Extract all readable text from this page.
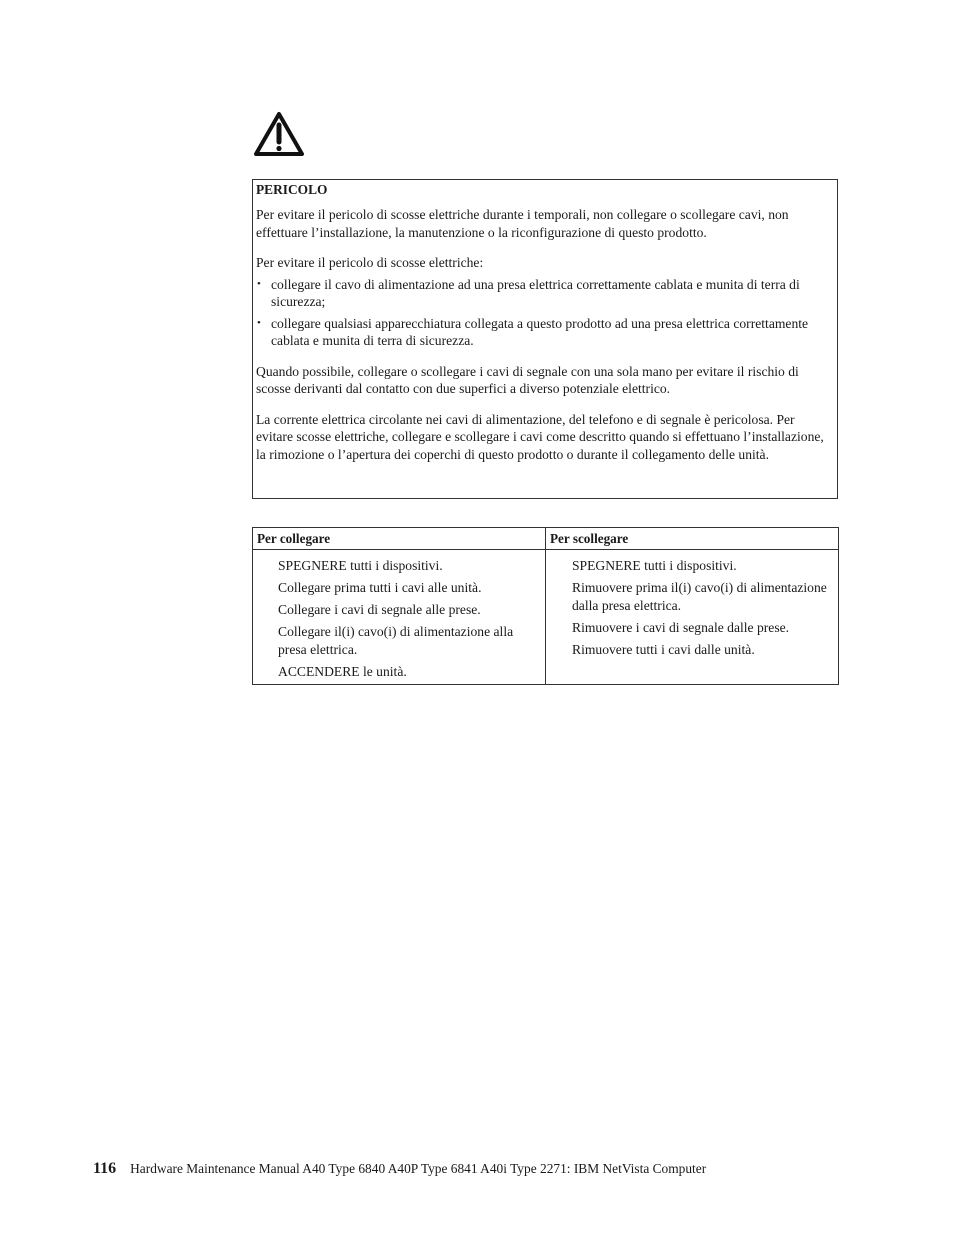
PERICOLO

Per evitare il pericolo di scosse elettriche durante i temporali, non collegare o scollegare cavi, non effettuare l’installazione, la manutenzione o la riconfigurazione di questo prodotto.

Per evitare il pericolo di scosse elettriche:

• collegare il cavo di alimentazione ad una presa elettrica correttamente cablata e munita di terra di sicurezza;
• collegare qualsiasi apparecchiatura collegata a questo prodotto ad una presa elettrica correttamente cablata e munita di terra di sicurezza.

Quando possibile, collegare o scollegare i cavi di segnale con una sola mano per evitare il rischio di scosse derivanti dal contatto con due superfici a diverso potenziale elettrico.

La corrente elettrica circolante nei cavi di alimentazione, del telefono e di segnale è pericolosa. Per evitare scosse elettriche, collegare e scollegare i cavi come descritto quando si effettuano l’installazione, la rimozione o l’apertura dei coperchi di questo prodotto o durante il collegamento delle unità.

Per collegare
SPEGNERE tutti i dispositivi.
Collegare prima tutti i cavi alle unità.
Collegare i cavi di segnale alle prese.
Collegare il(i) cavo(i) di alimentazione alla presa elettrica.
ACCENDERE le unità.
Per scollegare
SPEGNERE tutti i dispositivi.
Rimuovere prima il(i) cavo(i) di alimentazione dalla presa elettrica.
Rimuovere i cavi di segnale dalle prese.
Rimuovere tutti i cavi dalle unità.
116 Hardware Maintenance Manual A40 Type 6840 A40P Type 6841 A40i Type 2271: IBM NetVista Computer
